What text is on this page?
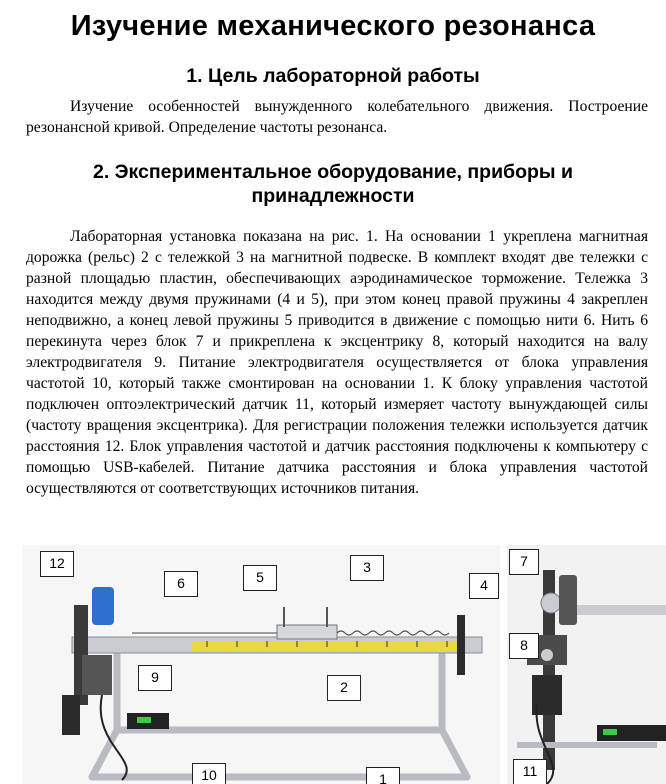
Изучение механического резонанса
1. Цель лабораторной работы
Изучение особенностей вынужденного колебательного движения. Построение резонансной кривой. Определение частоты резонанса.
2. Экспериментальное оборудование, приборы и принадлежности
Лабораторная установка показана на рис. 1. На основании 1 укреплена магнитная дорожка (рельс) 2 с тележкой 3 на магнитной подвеске. В комплект входят две тележки с разной площадью пластин, обеспечивающих аэродинамическое торможение. Тележка 3 находится между двумя пружинами (4 и 5), при этом конец правой пружины 4 закреплен неподвижно, а конец левой пружины 5 приводится в движение с помощью нити 6. Нить 6 перекинута через блок 7 и прикреплена к эксцентрику 8, который находится на валу электродвигателя 9. Питание электродвигателя осуществляется от блока управления частотой 10, который также смонтирован на основании 1. К блоку управления частотой подключен оптоэлектрический датчик 11, который измеряет частоту вынуждающей силы (частоту вращения эксцентрика). Для регистрации положения тележки используется датчик расстояния 12. Блок управления частотой и датчик расстояния подключены к компьютеру с помощью USB-кабелей. Питание датчика расстояния и блока управления частотой осуществляются от соответствующих источников питания.
12
6	5
3
4
9
2
10	1
7
8
11
